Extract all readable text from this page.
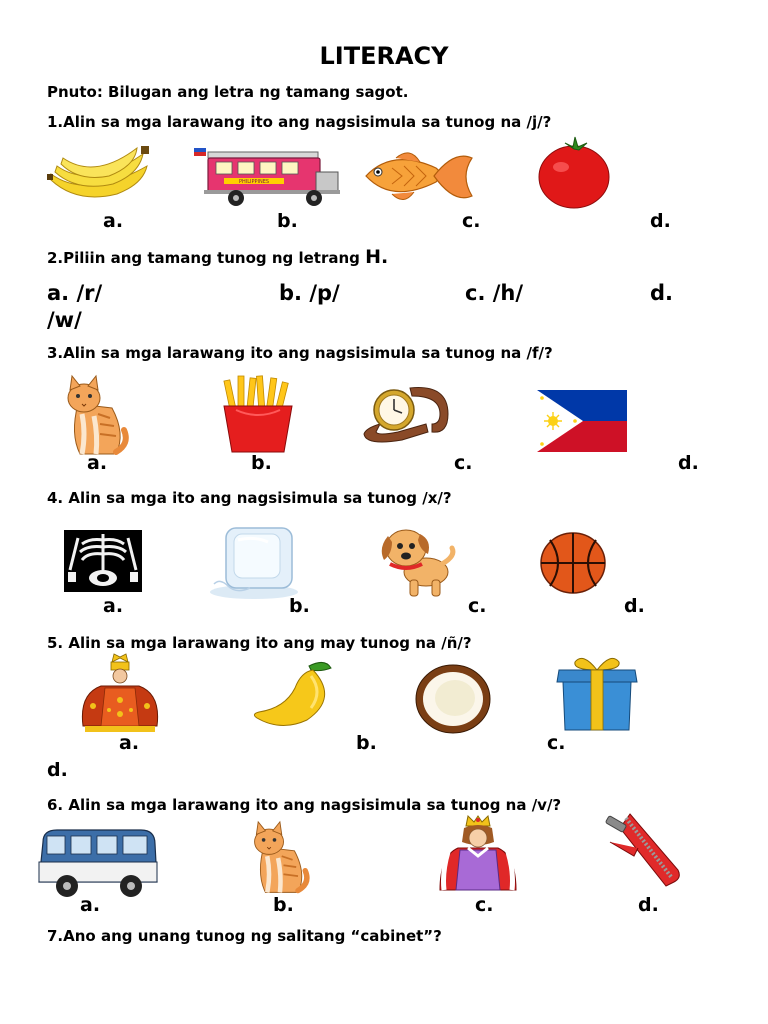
LITERACY
Pnuto: Bilugan ang letra ng tamang sagot.
1.Alin sa mga larawang ito ang nagsisimula sa tunog na /j/?
PHILIPPINES
a.	b.	c.	d.
2.Piliin ang tamang tunog ng letrang H.
a. /r/	b. /p/	c. /h/	d.
/w/
3.Alin sa mga larawang ito ang nagsisimula sa tunog na /f/?
a.	b.	c.	d.
4. Alin sa mga ito ang nagsisimula sa tunog /x/?
a.	b.	c.	d.
5. Alin sa mga larawang ito ang may tunog na /ñ/?
a.	b.	c.
d.
6. Alin sa mga larawang ito ang nagsisimula sa tunog na /v/?
a.	b.	c.	d.
7.Ano ang unang tunog ng salitang “cabinet”?
